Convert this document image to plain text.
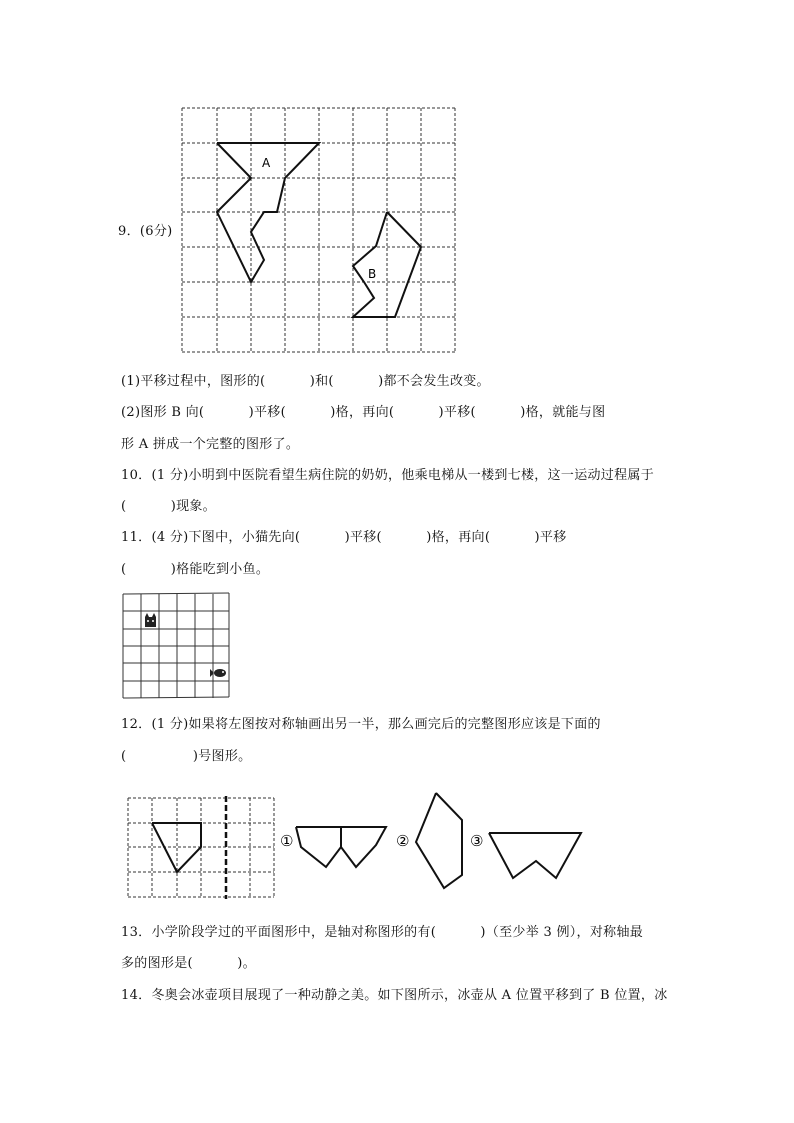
A
B
9．(6分)
(1)平移过程中，图形的(          )和(          )都不会发生改变。
(2)图形 B 向(          )平移(          )格，再向(          )平移(          )格，就能与图
形 A 拼成一个完整的图形了。
10．(1 分)小明到中医院看望生病住院的奶奶，他乘电梯从一楼到七楼，这一运动过程属于
(          )现象。
11．(4 分)下图中，小猫先向(          )平移(          )格，再向(          )平移
(          )格能吃到小鱼。
12．(1 分)如果将左图按对称轴画出另一半，那么画完后的完整图形应该是下面的
(               )号图形。
①	②	③
13．小学阶段学过的平面图形中，是轴对称图形的有(          )（至少举 3 例），对称轴最
多的图形是(          )。
14．冬奥会冰壶项目展现了一种动静之美。如下图所示，冰壶从 A 位置平移到了 B 位置，冰
